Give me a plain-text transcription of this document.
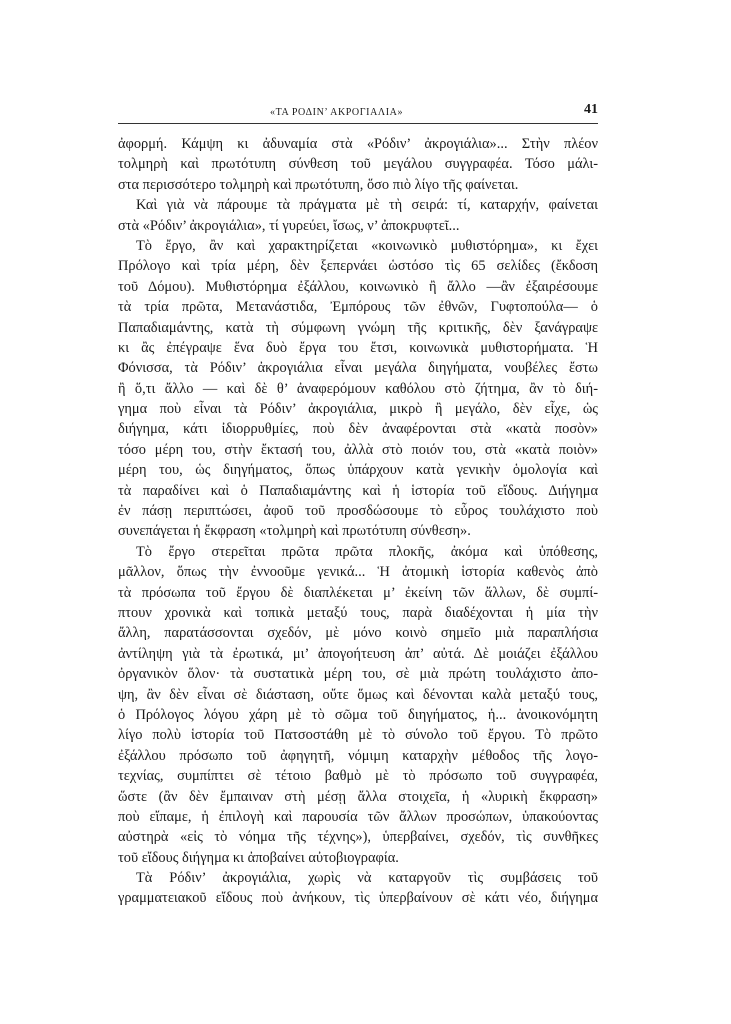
«ΤΑ ΡΟΔΙΝ’ ΑΚΡΟΓΙΑΛΙΑ»	41
ἀφορμή. Κάμψη κι ἀδυναμία στὰ «Ρόδιν’ ἀκρογιάλια»... Στὴν πλέον
τολμηρὴ καὶ πρωτότυπη σύνθεση τοῦ μεγάλου συγγραφέα. Τόσο μάλι-
στα περισσότερο τολμηρὴ καὶ πρωτότυπη, ὅσο πιὸ λίγο τῆς φαίνεται.
Καὶ γιὰ νὰ πάρουμε τὰ πράγματα μὲ τὴ σειρά: τί, καταρχήν, φαίνεται
στὰ «Ρόδιν’ ἀκρογιάλια», τί γυρεύει, ἴσως, ν’ ἀποκρυφτεῖ...
Τὸ ἔργο, ἂν καὶ χαρακτηρίζεται «κοινωνικὸ μυθιστόρημα», κι ἔχει
Πρόλογο καὶ τρία μέρη, δὲν ξεπερνάει ὡστόσο τὶς 65 σελίδες (ἔκδοση
τοῦ Δόμου). Μυθιστόρημα ἐξάλλου, κοινωνικὸ ἢ ἄλλο —ἂν ἐξαιρέσουμε
τὰ τρία πρῶτα, Μετανάστιδα, Ἐμπόρους τῶν ἐθνῶν, Γυφτοπούλα— ὁ
Παπαδιαμάντης, κατὰ τὴ σύμφωνη γνώμη τῆς κριτικῆς, δὲν ξανάγραψε
κι ἂς ἐπέγραψε ἕνα δυὸ ἔργα του ἔτσι, κοινωνικὰ μυθιστορήματα. Ἡ
Φόνισσα, τὰ Ρόδιν’ ἀκρογιάλια εἶναι μεγάλα διηγήματα, νουβέλες ἔστω
ἢ ὅ,τι ἄλλο — καὶ δὲ θ’ ἀναφερόμουν καθόλου στὸ ζήτημα, ἂν τὸ διή-
γημα ποὺ εἶναι τὰ Ρόδιν’ ἀκρογιάλια, μικρὸ ἢ μεγάλο, δὲν εἶχε, ὡς
διήγημα, κάτι ἰδιορρυθμίες, ποὺ δὲν ἀναφέρονται στὰ «κατὰ ποσὸν»
τόσο μέρη του, στὴν ἔκτασή του, ἀλλὰ στὸ ποιόν του, στὰ «κατὰ ποιὸν»
μέρη του, ὡς διηγήματος, ὅπως ὑπάρχουν κατὰ γενικὴν ὁμολογία καὶ
τὰ παραδίνει καὶ ὁ Παπαδιαμάντης καὶ ἡ ἱστορία τοῦ εἴδους. Διήγημα
ἐν πάσῃ περιπτώσει, ἀφοῦ τοῦ προσδώσουμε τὸ εὖρος τουλάχιστο ποὺ
συνεπάγεται ἡ ἔκφραση «τολμηρὴ καὶ πρωτότυπη σύνθεση».
Τὸ ἔργο στερεῖται πρῶτα πρῶτα πλοκῆς, ἀκόμα καὶ ὑπόθεσης,
μᾶλλον, ὅπως τὴν ἐννοοῦμε γενικά... Ἡ ἀτομικὴ ἱστορία καθενὸς ἀπὸ
τὰ πρόσωπα τοῦ ἔργου δὲ διαπλέκεται μ’ ἐκείνη τῶν ἄλλων, δὲ συμπί-
πτουν χρονικὰ καὶ τοπικὰ μεταξύ τους, παρὰ διαδέχονται ἡ μία τὴν
ἄλλη, παρατάσσονται σχεδόν, μὲ μόνο κοινὸ σημεῖο μιὰ παραπλήσια
ἀντίληψη γιὰ τὰ ἐρωτικά, μι’ ἀπογοήτευση ἀπ’ αὐτά. Δὲ μοιάζει ἐξάλλου
ὀργανικὸν ὅλον· τὰ συστατικὰ μέρη του, σὲ μιὰ πρώτη τουλάχιστο ἀπο-
ψη, ἂν δὲν εἶναι σὲ διάσταση, οὔτε ὅμως καὶ δένονται καλὰ μεταξύ τους,
ὁ Πρόλογος λόγου χάρη μὲ τὸ σῶμα τοῦ διηγήματος, ἡ... ἀνοικονόμητη
λίγο πολὺ ἱστορία τοῦ Πατσοστάθη μὲ τὸ σύνολο τοῦ ἔργου. Τὸ πρῶτο
ἐξάλλου πρόσωπο τοῦ ἀφηγητῆ, νόμιμη καταρχὴν μέθοδος τῆς λογο-
τεχνίας, συμπίπτει σὲ τέτοιο βαθμὸ μὲ τὸ πρόσωπο τοῦ συγγραφέα,
ὥστε (ἂν δὲν ἔμπαιναν στὴ μέσῃ ἄλλα στοιχεῖα, ἡ «λυρικὴ ἔκφραση»
ποὺ εἴπαμε, ἡ ἐπιλογὴ καὶ παρουσία τῶν ἄλλων προσώπων, ὑπακούοντας
αὐστηρὰ «εἰς τὸ νόημα τῆς τέχνης»), ὑπερβαίνει, σχεδόν, τὶς συνθῆκες
τοῦ εἴδους διήγημα κι ἀποβαίνει αὐτοβιογραφία.
Τὰ Ρόδιν’ ἀκρογιάλια, χωρὶς νὰ καταργοῦν τὶς συμβάσεις τοῦ
γραμματειακοῦ εἴδους ποὺ ἀνήκουν, τὶς ὑπερβαίνουν σὲ κάτι νέο, διήγημα
